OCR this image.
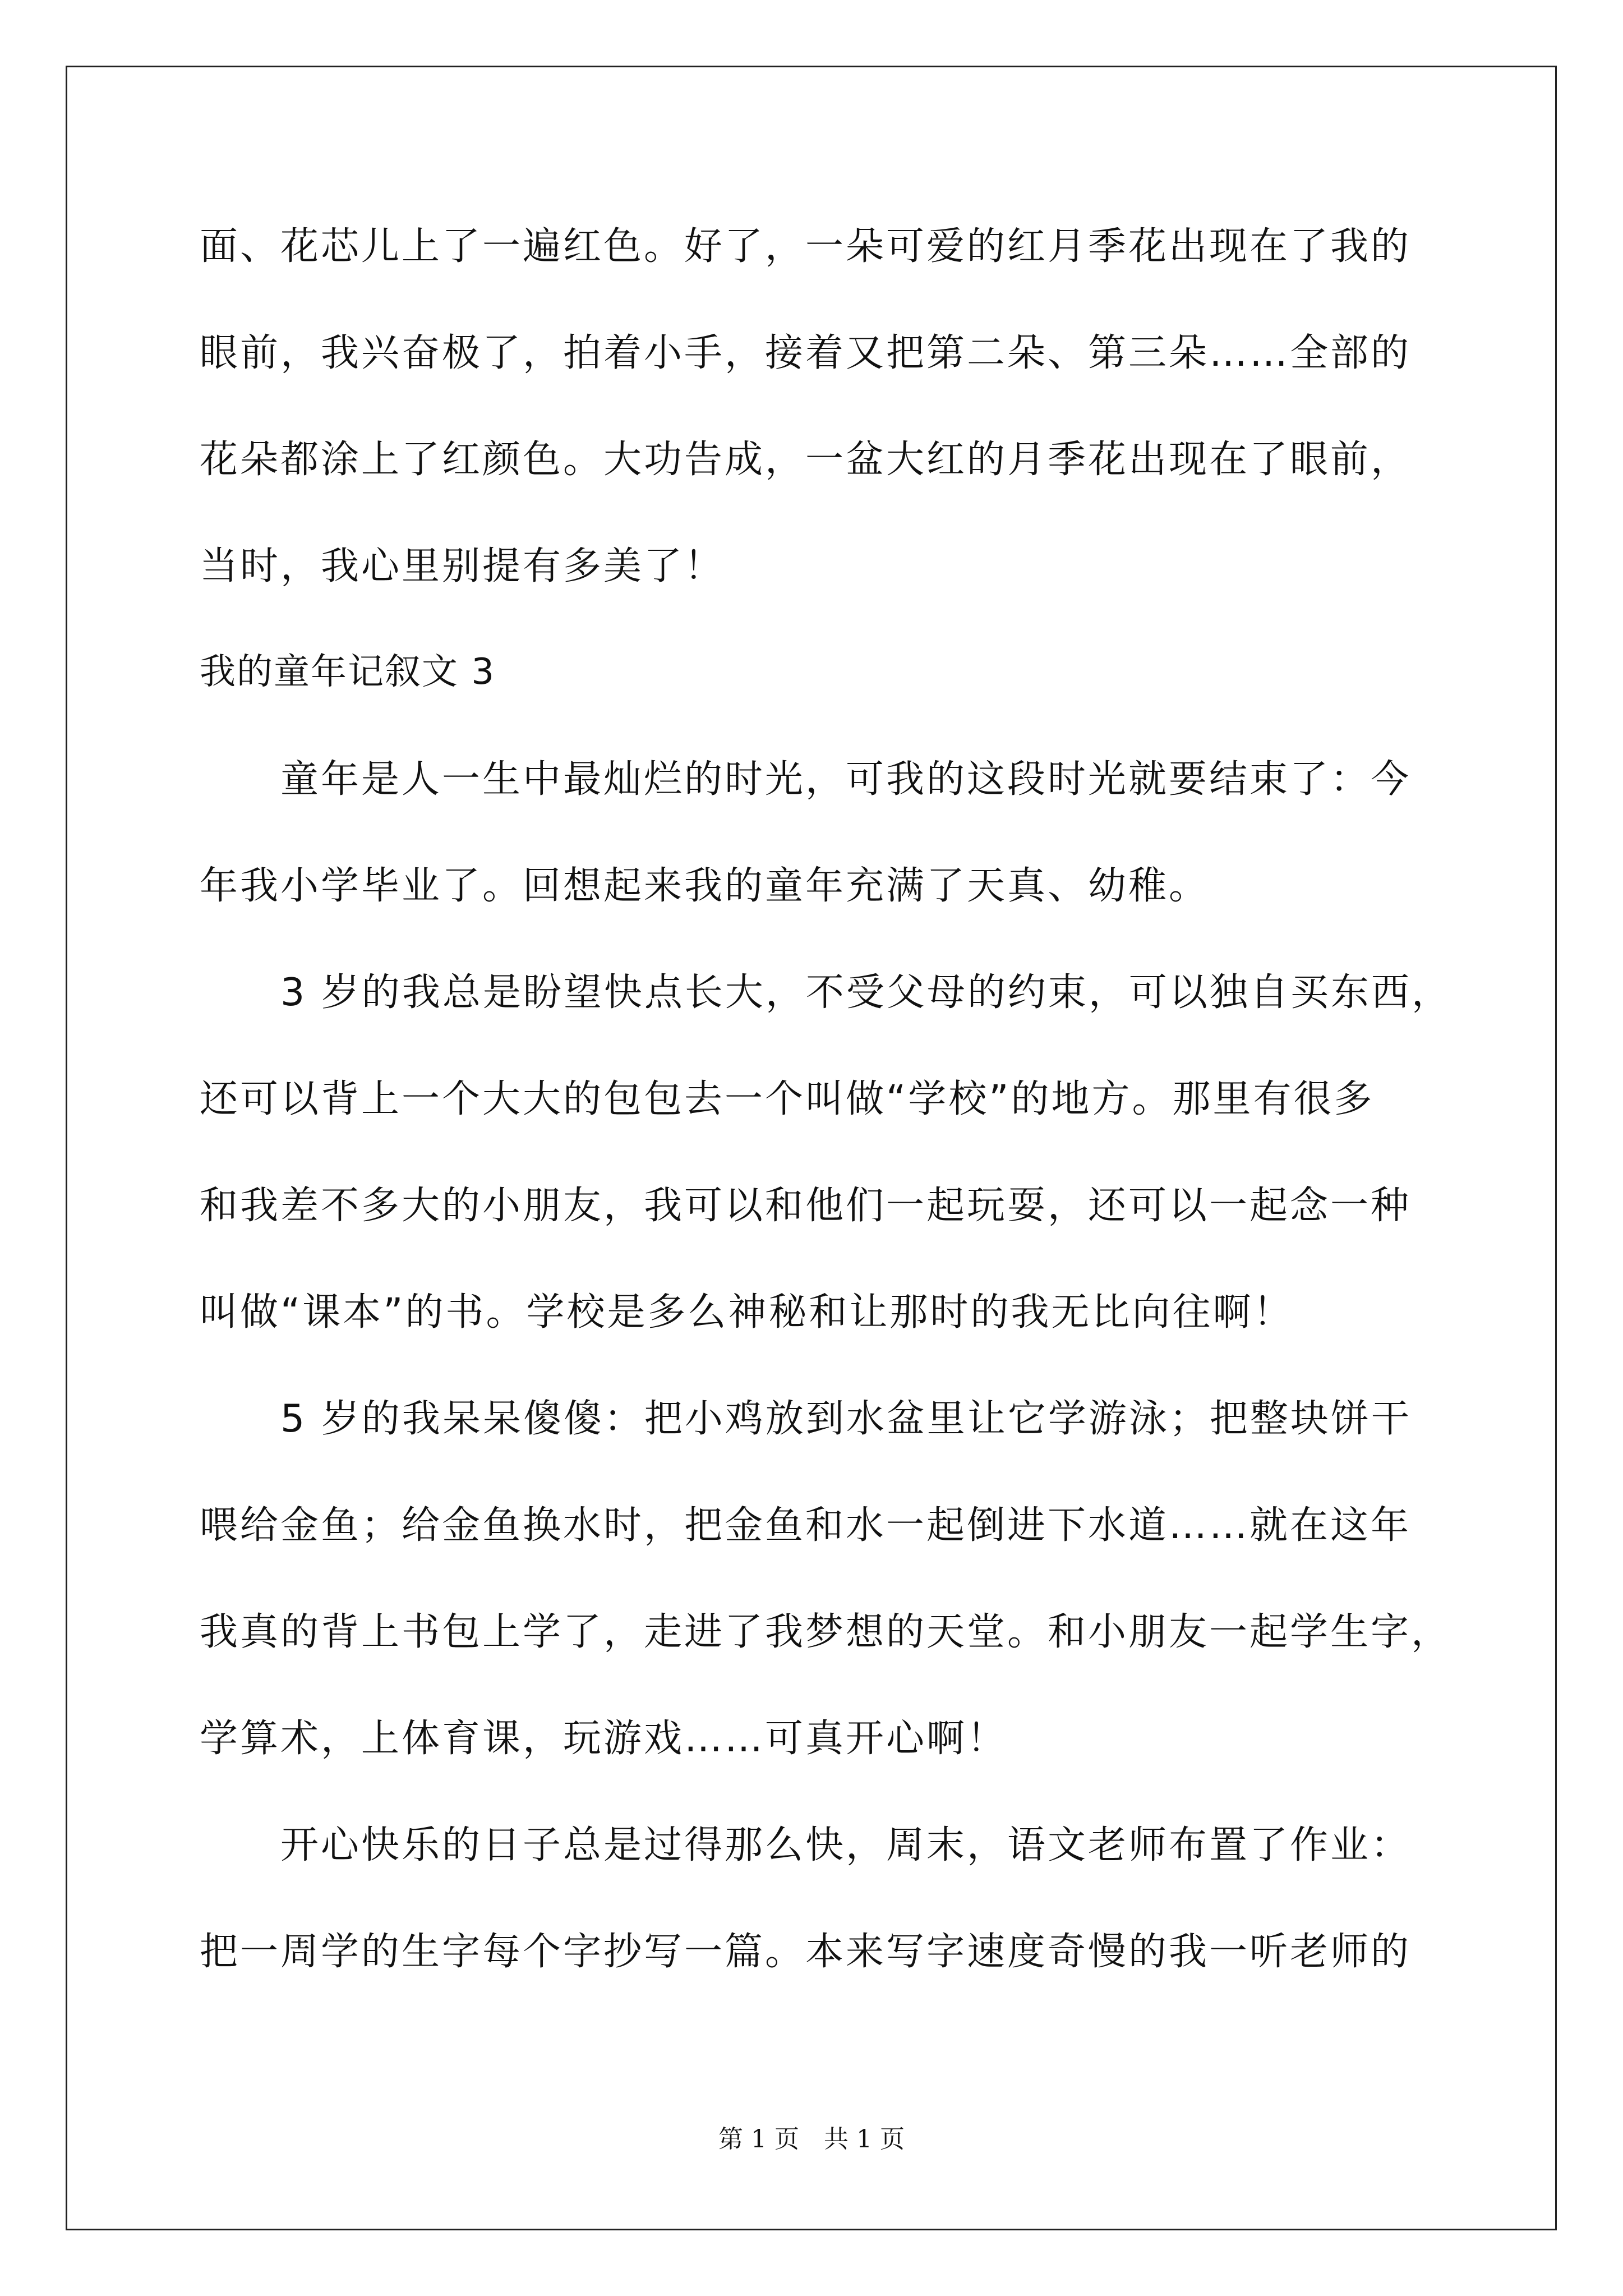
面、花芯儿上了一遍红色。好了，一朵可爱的红月季花出现在了我的
眼前，我兴奋极了，拍着小手，接着又把第二朵、第三朵……全部的
花朵都涂上了红颜色。大功告成，一盆大红的月季花出现在了眼前，
当时，我心里别提有多美了！
我的童年记叙文 3
童年是人一生中最灿烂的时光，可我的这段时光就要结束了：今
年我小学毕业了。回想起来我的童年充满了天真、幼稚。
3 岁的我总是盼望快点长大，不受父母的约束，可以独自买东西，
还可以背上一个大大的包包去一个叫做“学校”的地方。那里有很多
和我差不多大的小朋友，我可以和他们一起玩耍，还可以一起念一种
叫做“课本”的书。学校是多么神秘和让那时的我无比向往啊！
5 岁的我呆呆傻傻：把小鸡放到水盆里让它学游泳；把整块饼干
喂给金鱼；给金鱼换水时，把金鱼和水一起倒进下水道……就在这年
我真的背上书包上学了，走进了我梦想的天堂。和小朋友一起学生字，
学算术，上体育课，玩游戏……可真开心啊！
开心快乐的日子总是过得那么快，周末，语文老师布置了作业：
把一周学的生字每个字抄写一篇。本来写字速度奇慢的我一听老师的
第 1 页　共 1 页
